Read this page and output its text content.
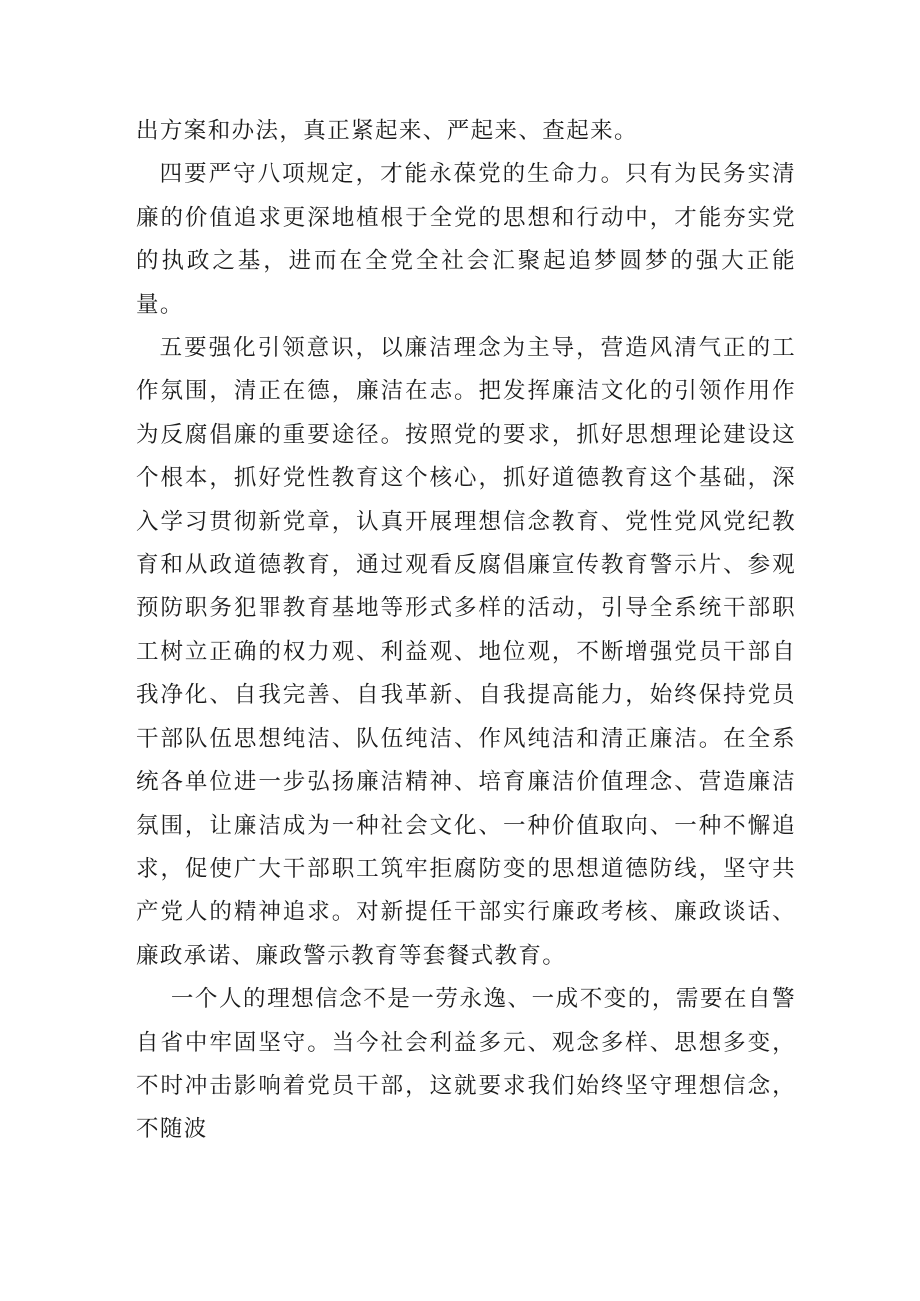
出方案和办法，真正紧起来、严起来、查起来。

四要严守八项规定，才能永葆党的生命力。只有为民务实清廉的价值追求更深地植根于全党的思想和行动中，才能夯实党的执政之基，进而在全党全社会汇聚起追梦圆梦的强大正能量。

五要强化引领意识，以廉洁理念为主导，营造风清气正的工作氛围，清正在德，廉洁在志。把发挥廉洁文化的引领作用作为反腐倡廉的重要途径。按照党的要求，抓好思想理论建设这个根本，抓好党性教育这个核心，抓好道德教育这个基础，深入学习贯彻新党章，认真开展理想信念教育、党性党风党纪教育和从政道德教育，通过观看反腐倡廉宣传教育警示片、参观预防职务犯罪教育基地等形式多样的活动，引导全系统干部职工树立正确的权力观、利益观、地位观，不断增强党员干部自我净化、自我完善、自我革新、自我提高能力，始终保持党员干部队伍思想纯洁、队伍纯洁、作风纯洁和清正廉洁。在全系统各单位进一步弘扬廉洁精神、培育廉洁价值理念、营造廉洁氛围，让廉洁成为一种社会文化、一种价值取向、一种不懈追求，促使广大干部职工筑牢拒腐防变的思想道德防线，坚守共产党人的精神追求。对新提任干部实行廉政考核、廉政谈话、廉政承诺、廉政警示教育等套餐式教育。

一个人的理想信念不是一劳永逸、一成不变的，需要在自警自省中牢固坚守。当今社会利益多元、观念多样、思想多变，不时冲击影响着党员干部，这就要求我们始终坚守理想信念，不随波
